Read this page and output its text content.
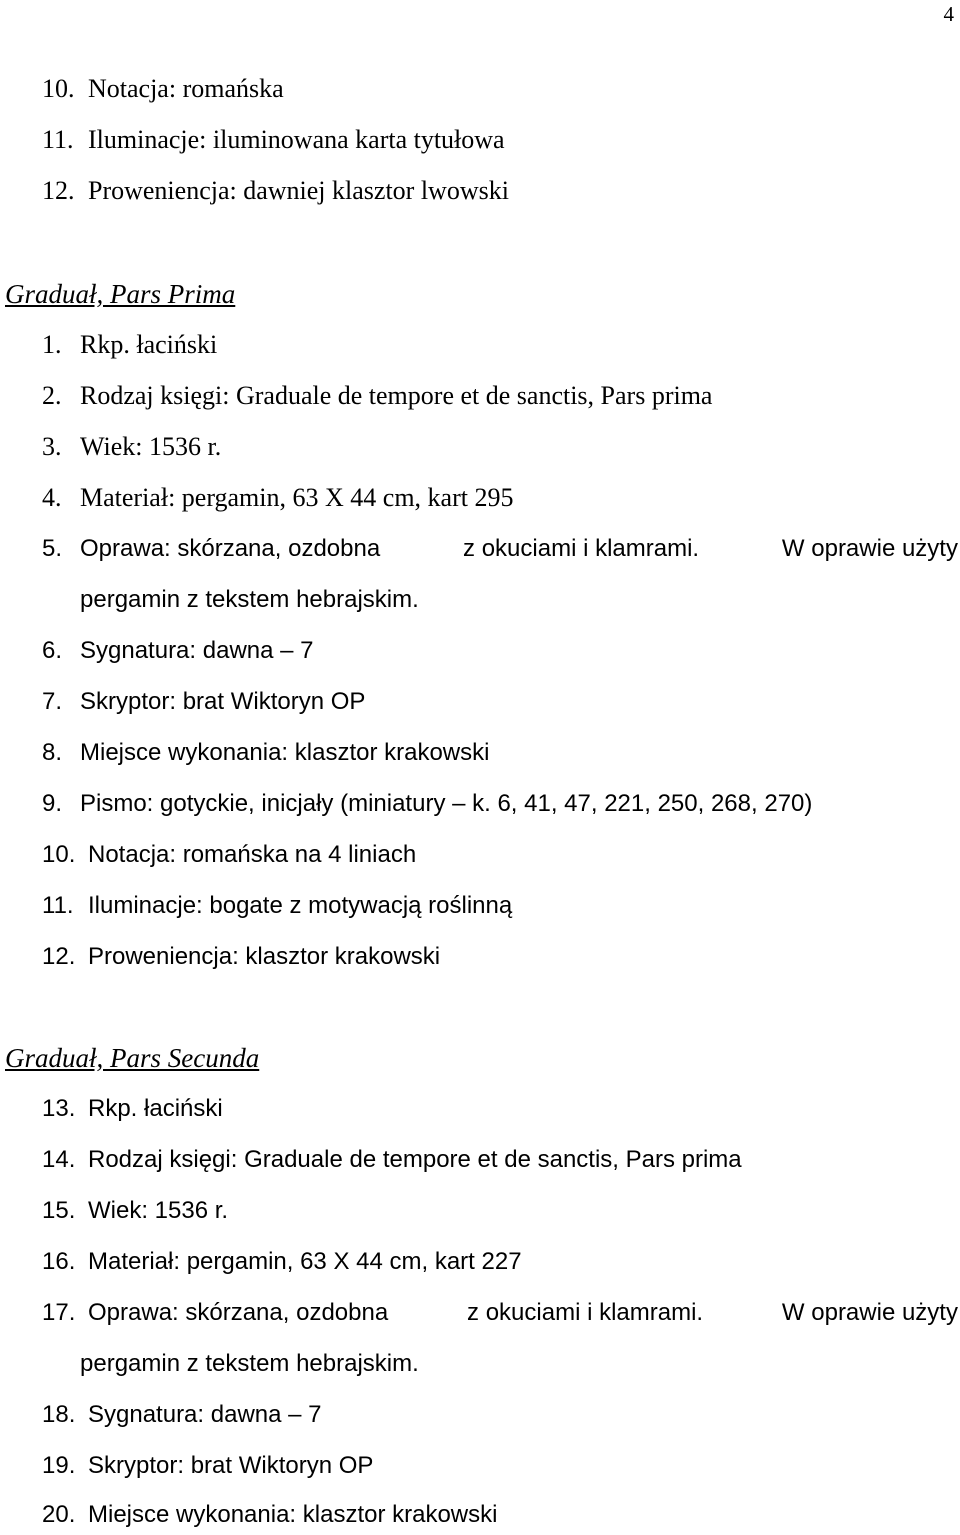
4
10. Notacja: romańska
11. Iluminacje: iluminowana karta tytułowa
12. Proweniencja: dawniej klasztor lwowski
Graduał, Pars Prima
1. Rkp. łaciński
2. Rodzaj księgi: Graduale de tempore et de sanctis, Pars prima
3. Wiek: 1536 r.
4. Materiał: pergamin, 63 X 44 cm, kart 295
5. Oprawa: skórzana, ozdobna	z okuciami i klamrami.	W oprawie użyty
pergamin z tekstem hebrajskim.
6. Sygnatura: dawna – 7
7. Skryptor: brat Wiktoryn OP
8. Miejsce wykonania: klasztor krakowski
9. Pismo: gotyckie, inicjały (miniatury – k. 6, 41, 47, 221, 250, 268, 270)
10. Notacja: romańska na 4 liniach
11. Iluminacje: bogate z motywacją roślinną
12. Proweniencja: klasztor krakowski
Graduał, Pars Secunda
13. Rkp. łaciński
14. Rodzaj księgi: Graduale de tempore et de sanctis, Pars prima
15. Wiek: 1536 r.
16. Materiał: pergamin, 63 X 44 cm, kart 227
17. Oprawa: skórzana, ozdobna	z okuciami i klamrami.	W oprawie użyty
pergamin z tekstem hebrajskim.
18. Sygnatura: dawna – 7
19. Skryptor: brat Wiktoryn OP
20. Miejsce wykonania: klasztor krakowski
